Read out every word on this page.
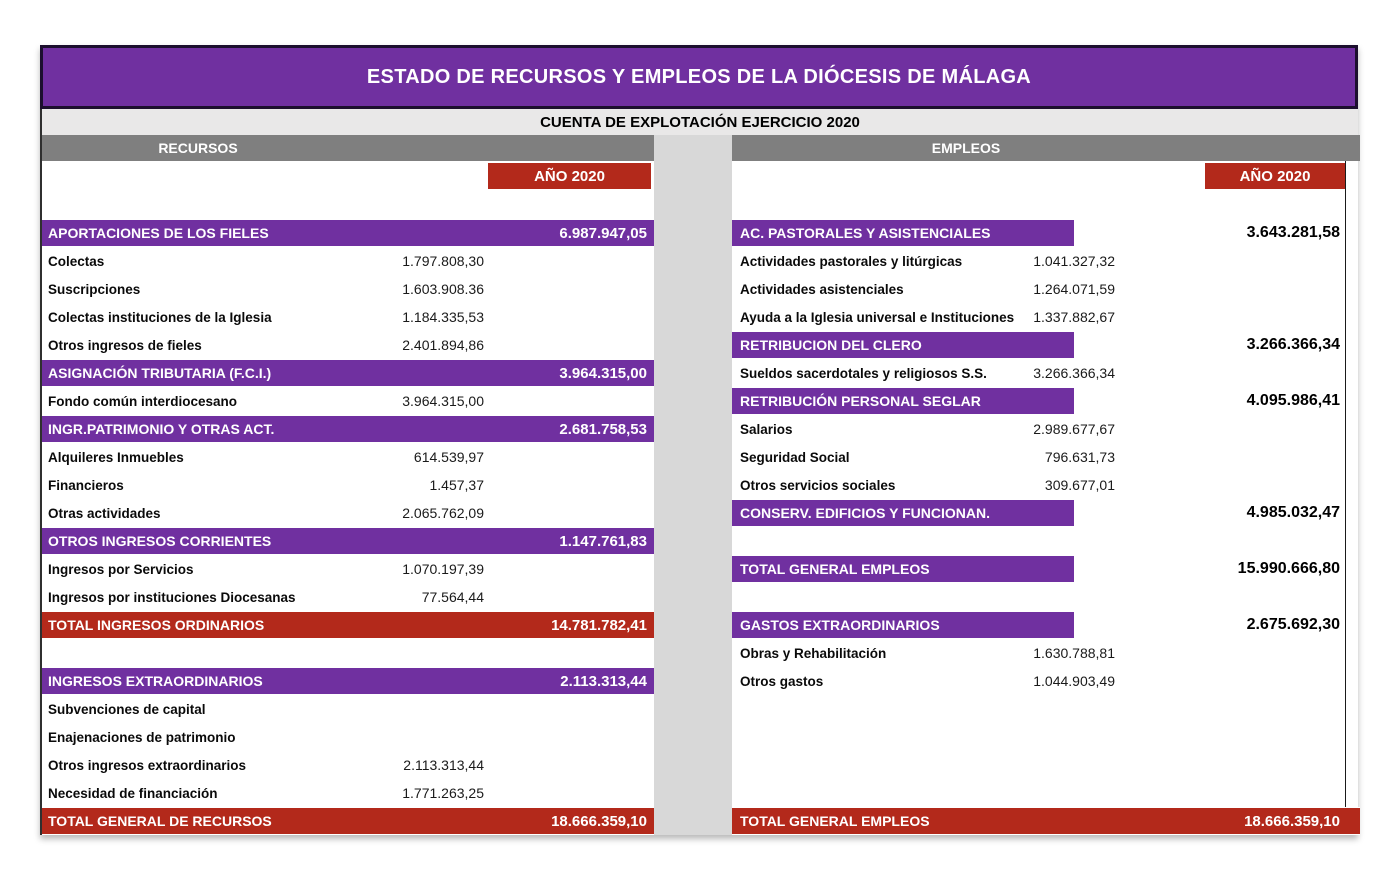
ESTADO DE RECURSOS Y EMPLEOS DE LA DIÓCESIS DE MÁLAGA
CUENTA DE EXPLOTACIÓN EJERCICIO 2020
RECURSOS
AÑO 2020
APORTACIONES DE LOS FIELES	6.987.947,05
Colectas	1.797.808,30
Suscripciones	1.603.908.36
Colectas instituciones de la Iglesia	1.184.335,53
Otros ingresos de fieles	2.401.894,86
ASIGNACIÓN TRIBUTARIA (F.C.I.)	3.964.315,00
Fondo común interdiocesano	3.964.315,00
INGR.PATRIMONIO Y OTRAS ACT.	2.681.758,53
Alquileres Inmuebles	614.539,97
Financieros	1.457,37
Otras actividades	2.065.762,09
OTROS INGRESOS CORRIENTES	1.147.761,83
Ingresos por Servicios	1.070.197,39
Ingresos por instituciones Diocesanas	77.564,44
TOTAL INGRESOS ORDINARIOS	14.781.782,41
INGRESOS EXTRAORDINARIOS	2.113.313,44
Subvenciones de capital
Enajenaciones de patrimonio
Otros ingresos extraordinarios	2.113.313,44
Necesidad de financiación	1.771.263,25
TOTAL GENERAL DE RECURSOS	18.666.359,10
EMPLEOS
AÑO 2020
AC. PASTORALES Y ASISTENCIALES	3.643.281,58
Actividades pastorales y litúrgicas	1.041.327,32
Actividades asistenciales	1.264.071,59
Ayuda a la Iglesia universal e Instituciones 1.337.882,67
RETRIBUCION DEL CLERO	3.266.366,34
Sueldos sacerdotales y religiosos S.S.	3.266.366,34
RETRIBUCIÓN PERSONAL SEGLAR	4.095.986,41
Salarios	2.989.677,67
Seguridad Social	796.631,73
Otros servicios sociales	309.677,01
CONSERV. EDIFICIOS Y FUNCIONAN.	4.985.032,47
TOTAL GENERAL EMPLEOS	15.990.666,80
GASTOS EXTRAORDINARIOS	2.675.692,30
Obras y Rehabilitación	1.630.788,81
Otros gastos	1.044.903,49
TOTAL GENERAL EMPLEOS	18.666.359,10
